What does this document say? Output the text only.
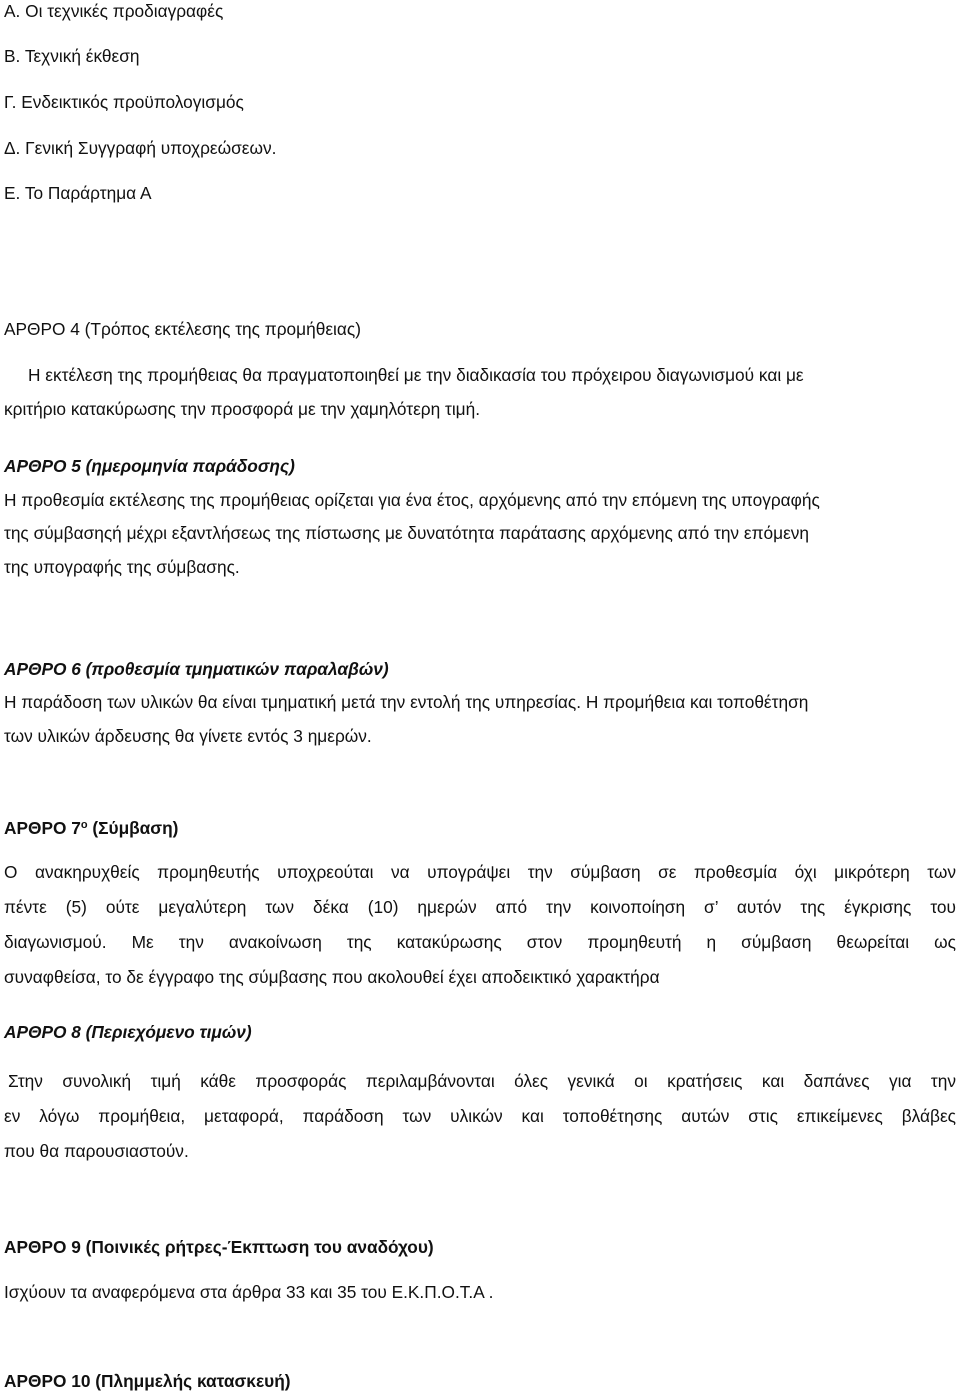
Α. Οι τεχνικές προδιαγραφές
Β. Τεχνική έκθεση
Γ. Ενδεικτικός προϋπολογισμός
Δ. Γενική Συγγραφή υποχρεώσεων.
Ε. Το Παράρτημα Α
ΑΡΘΡΟ 4 (Τρόπος εκτέλεσης της προμήθειας)
Η εκτέλεση της προμήθειας θα πραγματοποιηθεί με την διαδικασία του πρόχειρου διαγωνισμού και με
κριτήριο κατακύρωσης την προσφορά με την χαμηλότερη τιμή.
ΑΡΘΡΟ 5 (ημερομηνία παράδοσης)
Η προθεσμία εκτέλεσης της προμήθειας ορίζεται για ένα έτος, αρχόμενης από την επόμενη της υπογραφής
της σύμβασηςή μέχρι εξαντλήσεως της πίστωσης με δυνατότητα παράτασης αρχόμενης από την επόμενη
της υπογραφής της σύμβασης.
ΑΡΘΡΟ 6 (προθεσμία τμηματικών παραλαβών)
Η παράδοση των υλικών θα είναι τμηματική μετά την εντολή της υπηρεσίας. Η προμήθεια και τοποθέτηση
των υλικών άρδευσης θα γίνετε εντός 3 ημερών.
ΑΡΘΡΟ $7^o$ (Σύμβαση)
Ο ανακηρυχθείς προμηθευτής υποχρεούται να υπογράψει την σύμβαση σε προθεσμία όχι μικρότερη των
πέντε (5) ούτε μεγαλύτερη των δέκα (10) ημερών από την κοινοποίηση σ’ αυτόν της έγκρισης του
διαγωνισμού. Με την ανακοίνωση της κατακύρωσης στον προμηθευτή η σύμβαση θεωρείται ως
συναφθείσα, το δε έγγραφο της σύμβασης που ακολουθεί έχει αποδεικτικό χαρακτήρα
ΑΡΘΡΟ 8 (Περιεχόμενο τιμών)
Στην συνολική τιμή κάθε προσφοράς περιλαμβάνονται όλες γενικά οι κρατήσεις και δαπάνες για την
εν λόγω προμήθεια, μεταφορά, παράδοση των υλικών και τοποθέτησης αυτών στις επικείμενες βλάβες
που θα παρουσιαστούν.
ΑΡΘΡΟ 9 (Ποινικές ρήτρες-Έκπτωση του αναδόχου)
Ισχύουν τα αναφερόμενα στα άρθρα 33 και 35 του Ε.Κ.Π.Ο.Τ.Α .
ΑΡΘΡΟ 10 (Πλημμελής κατασκευή)
